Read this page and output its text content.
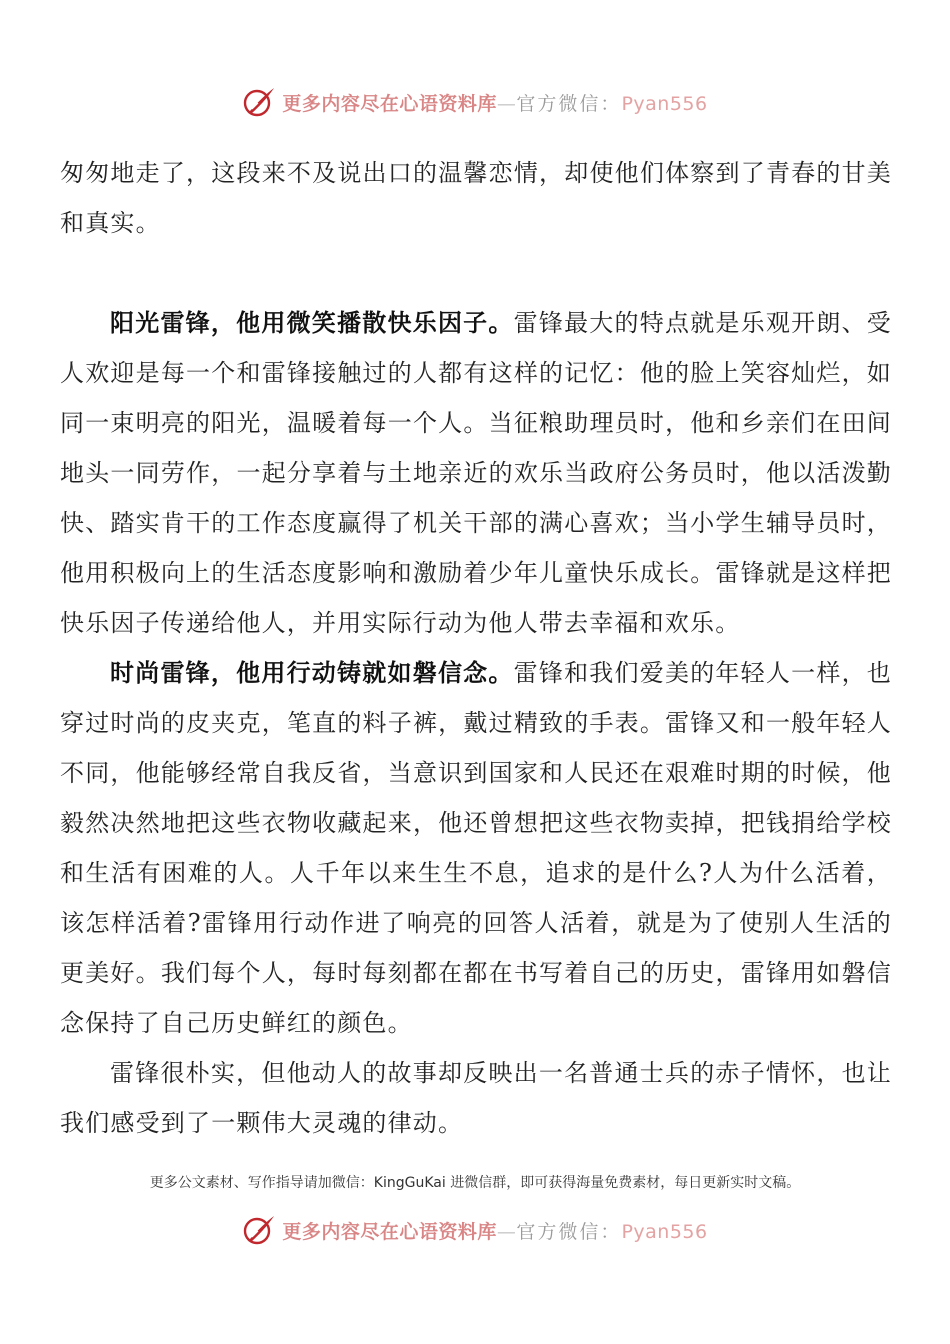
更多内容尽在心语资料库—官方微信：Pyan556

匆匆地走了，这段来不及说出口的温馨恋情，却使他们体察到了青春的甘美和真实。

阳光雷锋，他用微笑播散快乐因子。雷锋最大的特点就是乐观开朗、受人欢迎是每一个和雷锋接触过的人都有这样的记忆：他的脸上笑容灿烂，如同一束明亮的阳光，温暖着每一个人。当征粮助理员时，他和乡亲们在田间地头一同劳作，一起分享着与土地亲近的欢乐当政府公务员时，他以活泼勤快、踏实肯干的工作态度赢得了机关干部的满心喜欢；当小学生辅导员时，他用积极向上的生活态度影响和激励着少年儿童快乐成长。雷锋就是这样把快乐因子传递给他人，并用实际行动为他人带去幸福和欢乐。

时尚雷锋，他用行动铸就如磐信念。雷锋和我们爱美的年轻人一样，也穿过时尚的皮夹克，笔直的料子裤，戴过精致的手表。雷锋又和一般年轻人不同，他能够经常自我反省，当意识到国家和人民还在艰难时期的时候，他毅然决然地把这些衣物收藏起来，他还曾想把这些衣物卖掉，把钱捐给学校和生活有困难的人。人千年以来生生不息，追求的是什么?人为什么活着，该怎样活着?雷锋用行动作进了响亮的回答人活着，就是为了使别人生活的更美好。我们每个人，每时每刻都在都在书写着自己的历史，雷锋用如磐信念保持了自己历史鲜红的颜色。

雷锋很朴实，但他动人的故事却反映出一名普通士兵的赤子情怀，也让我们感受到了一颗伟大灵魂的律动。

更多公文素材、写作指导请加微信：KingGuKai 进微信群，即可获得海量免费素材，每日更新实时文稿。
更多内容尽在心语资料库—官方微信：Pyan556
